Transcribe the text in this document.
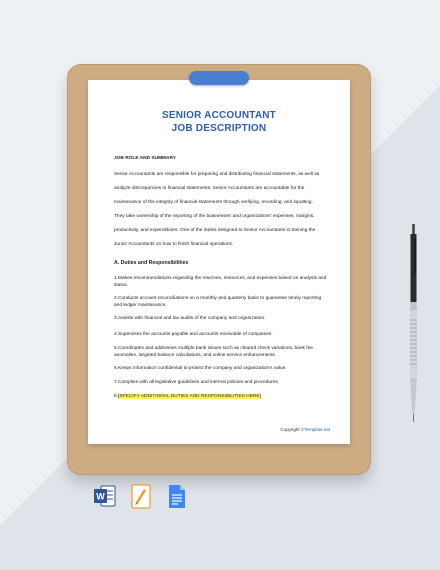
SENIOR ACCOUNTANT
JOB DESCRIPTION
JOB ROLE AND SUMMARY
Senior Accountants are responsible for preparing and distributing financial statements, as well as
analyze discrepancies in financial statements. Senior Accountants are accountable for the
maintenance of the integrity of financial statements through verifying, recording, and inputting.
They take ownership of the reporting of the businesses' and organizations' expenses, margins,
productivity, and expenditures. One of the duties assigned to Senior Accountants in training the
Junior Accountants on how to finish financial operations.
A. Duties and Responsibilities
1.Makes recommendations regarding the reserves, resources, and expenses based on analysis and
status.
2.Conducts account reconciliations on a monthly and quarterly basis to guarantee timely reporting
and ledger maintenance.
3.Assists with financial and tax audits of the company and organization.
4.Supervises the accounts payable and accounts receivable of companies.
5.Coordinates and addresses multiple bank issues such as cleared check variations, bank fee
anomalies, targeted balance calculations, and online service enhancements.
6.Keeps information confidential to protect the company and organization's value.
7.Complies with all legislative guidelines and internal policies and procedures.
8.[SPECIFY ADDITIONAL DUTIES AND RESPONSIBILITIES HERE]
Copyright ©Template.net
W
